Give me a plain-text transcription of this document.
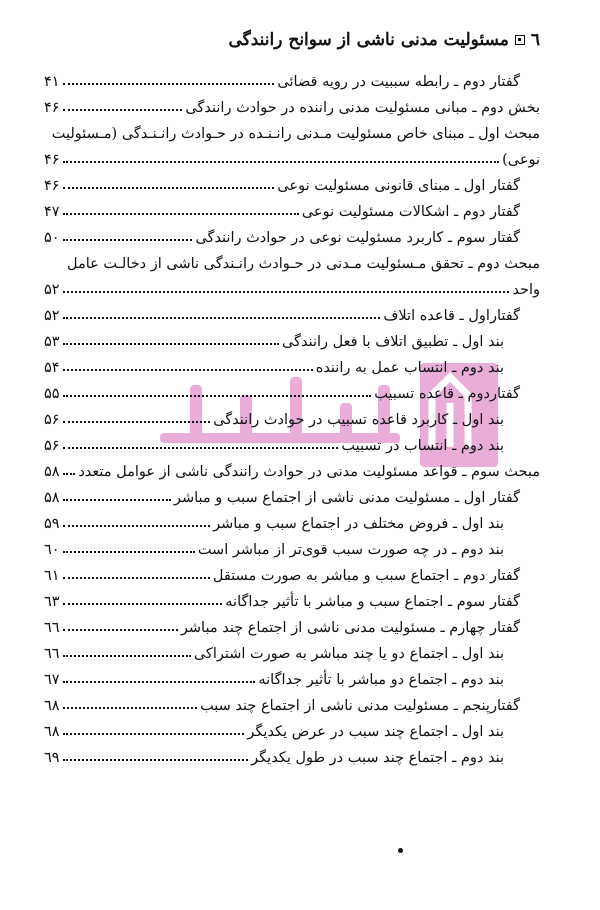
٦
مسئولیت مدنی ناشی از سوانح رانندگی
گفتار دوم ـ رابطه سببیت در رویه قضائی
۴۱
بخش دوم ـ مبانی مسئولیت مدنی راننده در حوادث رانندگی
۴۶
مبحث اول ـ مبنای خاص مسئولیت مـدنی رانـنـده در حـوادث رانـنـدگی (مـسئولیت
نوعی)
۴۶
گفتار اول ـ مبنای قانونی مسئولیت نوعی
۴۶
گفتار دوم ـ اشکالات مسئولیت نوعی
۴۷
گفتار سوم ـ کاربرد مسئولیت نوعی در حوادث رانندگی
۵۰
مبحث دوم ـ تحقق مـسئولیت مـدنی در حـوادث رانـندگی ناشی از دخالـت عامل
واحد
۵۲
گفتاراول ـ قاعده اتلاف
۵۲
بند اول ـ تطبیق اتلاف با فعل رانندگی
۵۳
بند دوم ـ انتساب عمل به راننده
۵۴
گفتاردوم ـ قاعده تسبیب
۵۵
بند اول ـ کاربرد قاعده تسبیب در حوادث رانندگی
۵۶
بند دوم ـ انتساب در تسبیب
۵۶
مبحث سوم ـ قواعد مسئولیت مدنی در حوادث رانندگی ناشی از عوامل متعدد
۵۸
گفتار اول ـ مسئولیت مدنی ناشی از اجتماع سبب و مباشر
۵۸
بند اول ـ فروض مختلف در اجتماع سبب و مباشر
۵۹
بند دوم ـ در چه صورت سبب قوی‌تر از مباشر است
٦۰
گفتار دوم ـ اجتماع سبب و مباشر به صورت مستقل
٦۱
گفتار سوم ـ اجتماع سبب و مباشر با تأثیر جداگانه
٦۳
گفتار چهارم ـ مسئولیت مدنی ناشی از اجتماع چند مباشر
٦٦
بند اول ـ اجتماع دو یا چند مباشر به صورت اشتراکی
٦٦
بند دوم ـ اجتماع دو مباشر با تأثیر جداگانه
٦۷
گفتارپنجم ـ مسئولیت مدنی ناشی از اجتماع چند سبب
٦۸
بند اول ـ اجتماع چند سبب در عرض یکدیگر
٦۸
بند دوم ـ اجتماع چند سبب در طول یکدیگر
٦۹
